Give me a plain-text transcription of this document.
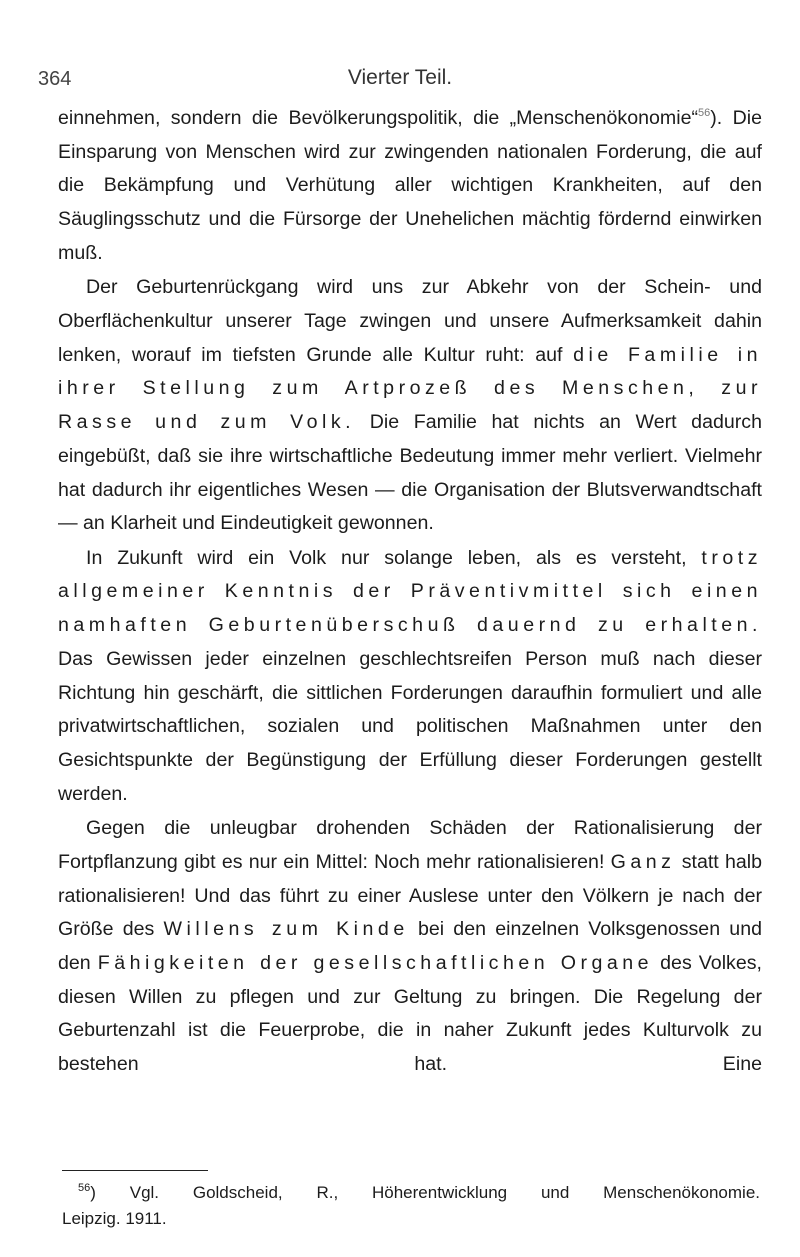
364	Vierter Teil.

einnehmen, sondern die Bevölkerungspolitik, die „Menschenökonomie“$^{56}$). Die Einsparung von Menschen wird zur zwingenden nationalen Forderung, die auf die Bekämpfung und Verhütung aller wichtigen Krankheiten, auf den Säuglingsschutz und die Fürsorge der Unehelichen mächtig fördernd einwirken muß.

Der Geburtenrückgang wird uns zur Abkehr von der Schein- und Oberflächenkultur unserer Tage zwingen und unsere Aufmerksamkeit dahin lenken, worauf im tiefsten Grunde alle Kultur ruht: auf die Familie in ihrer Stellung zum Artprozeß des Menschen, zur Rasse und zum Volk. Die Familie hat nichts an Wert dadurch eingebüßt, daß sie ihre wirtschaftliche Bedeutung immer mehr verliert. Vielmehr hat dadurch ihr eigentliches Wesen — die Organisation der Blutsverwandtschaft — an Klarheit und Eindeutigkeit gewonnen.

In Zukunft wird ein Volk nur solange leben, als es versteht, trotz allgemeiner Kenntnis der Präventivmittel sich einen namhaften Geburtenüberschuß dauernd zu erhalten. Das Gewissen jeder einzelnen geschlechtsreifen Person muß nach dieser Richtung hin geschärft, die sittlichen Forderungen daraufhin formuliert und alle privatwirtschaftlichen, sozialen und politischen Maßnahmen unter den Gesichtspunkte der Begünstigung der Erfüllung dieser Forderungen gestellt werden.

Gegen die unleugbar drohenden Schäden der Rationalisierung der Fortpflanzung gibt es nur ein Mittel: Noch mehr rationalisieren! Ganz statt halb rationalisieren! Und das führt zu einer Auslese unter den Völkern je nach der Größe des Willens zum Kinde bei den einzelnen Volksgenossen und den Fähigkeiten der gesellschaftlichen Organe des Volkes, diesen Willen zu pflegen und zur Geltung zu bringen. Die Regelung der Geburtenzahl ist die Feuerprobe, die in naher Zukunft jedes Kulturvolk zu bestehen hat. Eine

$^{56}$) Vgl. Goldscheid, R., Höherentwicklung und Menschenökonomie.
Leipzig. 1911.
